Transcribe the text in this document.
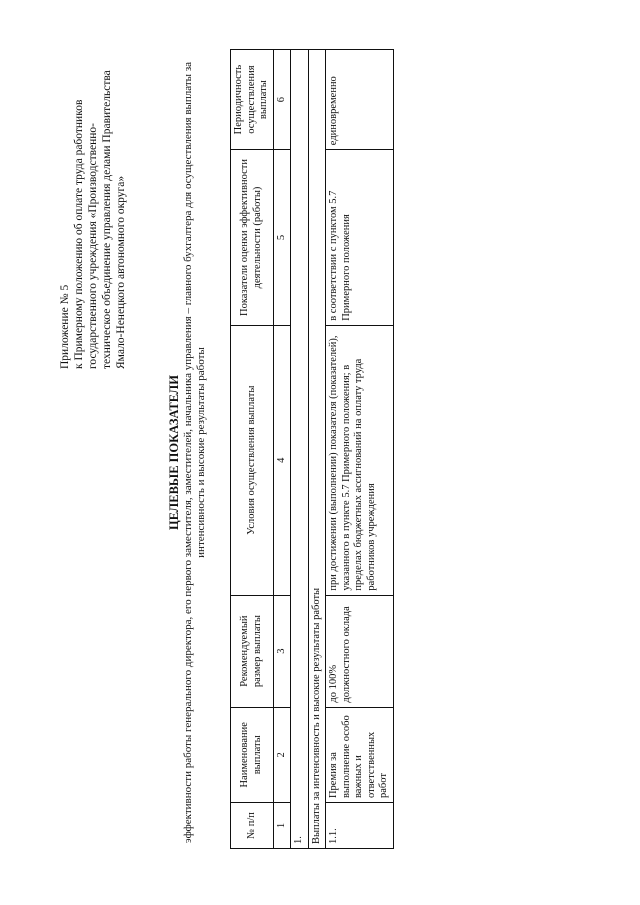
Приложение № 5 к Примерному положению об оплате труда работников государственного учреждения «Производственно-техническое объединение управления делами Правительства Ямало-Ненецкого автономного округа»
ЦЕЛЕВЫЕ ПОКАЗАТЕЛИ эффективности работы генерального директора, его первого заместителя, заместителей, начальника управления – главного бухгалтера для осуществления выплаты за интенсивность и высокие результаты работы
№ п/п	Наименование выплаты	Рекомендуемый размер выплаты	Условия осуществления выплаты	Показатели оценки эффективности деятельности (работы)	Периодичность осуществления выплаты
1	2	3	4	5	6
1.					
Выплаты за интенсивность и высокие результаты работы					
1.1.	Премия за выполнение особо важных и ответственных работ	до 100% должностного оклада	при достижении (выполнении) показателя (показателей), указанного в пункте 5.7 Примерного положения; в пределах бюджетных ассигнований на оплату труда работников учреждения	в соответствии с пунктом 5.7 Примерного положения	единовременно
